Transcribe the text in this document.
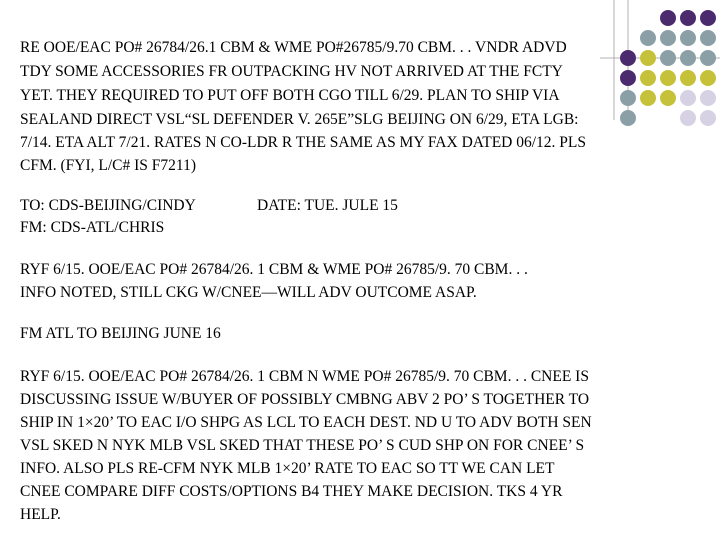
RE OOE/EAC PO# 26784/26.1 CBM & WME PO#26785/9.70 CBM. . . VNDR ADVD

TDY SOME ACCESSORIES FR OUTPACKING HV NOT ARRIVED AT THE FCTY

YET. THEY REQUIRED TO PUT OFF BOTH CGO TILL 6/29. PLAN TO SHIP VIA

SEALAND DIRECT VSL“SL DEFENDER V. 265E”SLG BEIJING ON 6/29, ETA LGB:

7/14. ETA ALT 7/21. RATES N CO-LDR R THE SAME AS MY FAX DATED 06/12. PLS

CFM. (FYI, L/C# IS F7211)

TO: CDS-BEIJING/CINDY	DATE: TUE. JULE 15

FM: CDS-ATL/CHRIS

RYF 6/15. OOE/EAC PO# 26784/26. 1 CBM & WME PO# 26785/9. 70 CBM. . .

INFO NOTED, STILL CKG W/CNEE—WILL ADV OUTCOME ASAP.

FM ATL TO BEIJING JUNE 16

RYF 6/15. OOE/EAC PO# 26784/26. 1 CBM N WME PO# 26785/9. 70 CBM. . . CNEE IS

DISCUSSING ISSUE W/BUYER OF POSSIBLY CMBNG ABV 2 PO’ S TOGETHER TO

SHIP IN 1×20’ TO EAC I/O SHPG AS LCL TO EACH DEST. ND U TO ADV BOTH SEN

VSL SKED N NYK MLB VSL SKED THAT THESE PO’ S CUD SHP ON FOR CNEE’ S

INFO. ALSO PLS RE-CFM NYK MLB 1×20’ RATE TO EAC SO TT WE CAN LET

CNEE COMPARE DIFF COSTS/OPTIONS B4 THEY MAKE DECISION. TKS 4 YR

HELP.
